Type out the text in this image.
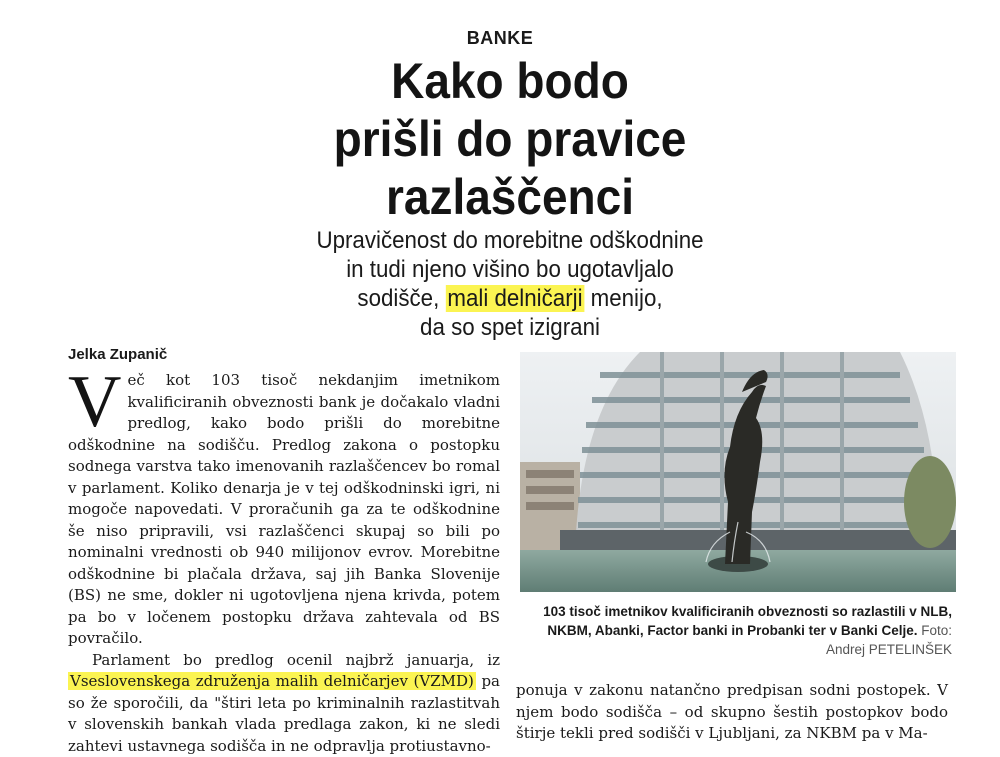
BANKE
Kako bodo
prišli do pravice
razlaščenci
Upravičenost do morebitne odškodnine
in tudi njeno višino bo ugotavljalo
sodišče, mali delničarji menijo,
da so spet izigrani
Jelka Zupanič

Več kot 103 tisoč nekdanjim imetnikom kvalificiranih obveznosti bank je dočakalo vladni predlog, kako bodo prišli do morebitne odškodnine na sodišču. Predlog zakona o postopku sodnega varstva tako imenovanih razlaščencev bo romal v parlament. Koliko denarja je v tej odškodninski igri, ni mogoče napovedati. V proračunih ga za te odškodnine še niso pripravili, vsi razlaščenci skupaj so bili po nominalni vrednosti ob 940 milijonov evrov. Morebitne odškodnine bi plačala država, saj jih Banka Slovenije (BS) ne sme, dokler ni ugotovljena njena krivda, potem pa bo v ločenem postopku država zahtevala od BS povračilo.

Parlament bo predlog ocenil najbrž januarja, iz Vseslovenskega združenja malih delničarjev (VZMD) pa so že sporočili, da "štiri leta po kriminalnih razlastitvah v slovenskih bankah vlada predlaga zakon, ki ne sledi zahtevi ustavnega sodišča in ne odpravlja protiustavno-

103 tisoč imetnikov kvalificiranih obveznosti so razlastili v NLB, NKBM, Abanki, Factor banki in Probanki ter v Banki Celje. Foto: Andrej PETELINŠEK

ponuja v zakonu natančno predpisan sodni postopek. V njem bodo sodišča – od skupno šestih postopkov bodo štirje tekli pred sodišči v Ljubljani, za NKBM pa v Ma-
